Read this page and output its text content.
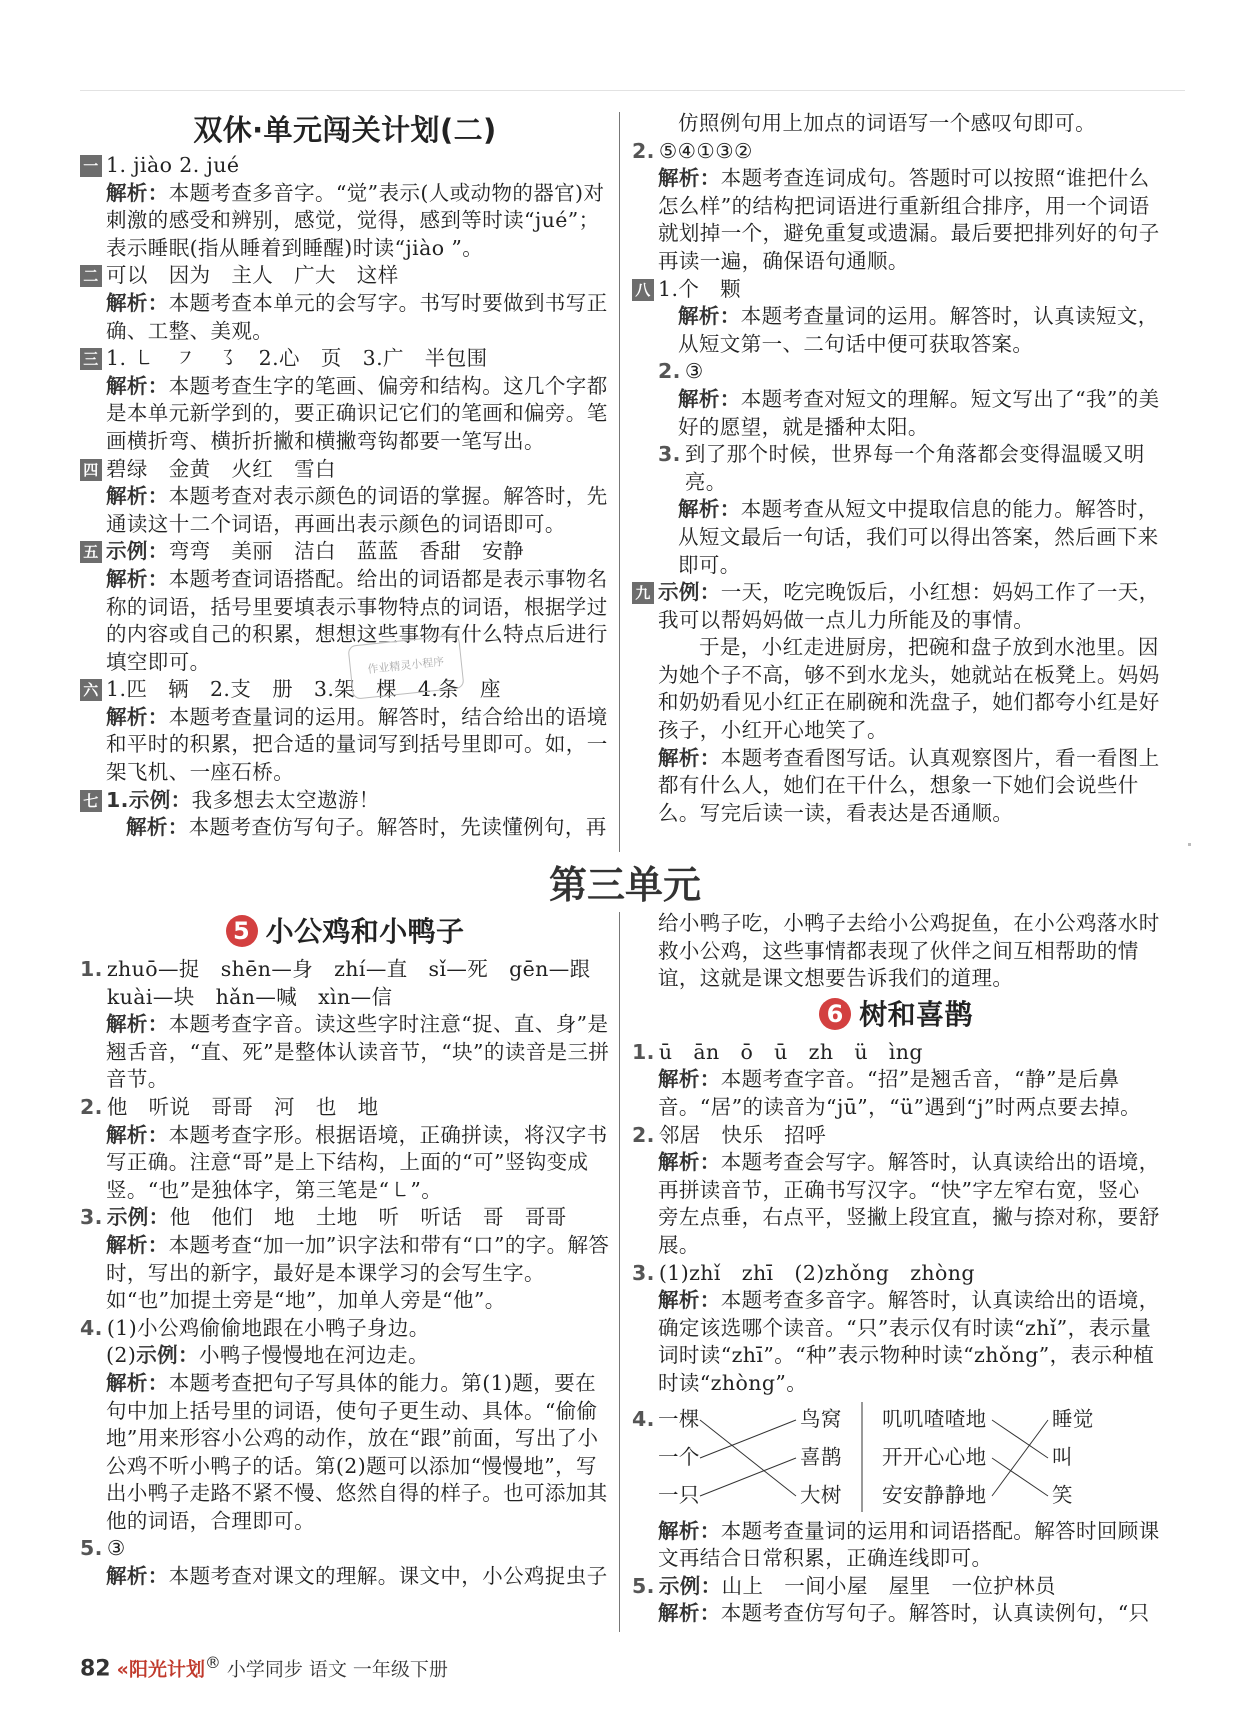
双休·单元闯关计划(二)
一 1. jiào 2. jué
解析：本题考查多音字。“觉”表示(人或动物的器官)对刺激的感受和辨别，感觉，觉得，感到等时读“jué”；表示睡眠(指从睡着到睡醒)时读“jiào ”。
二 可以　因为　主人　广大　这样
解析：本题考查本单元的会写字。书写时要做到书写正确、工整、美观。
三 1. ㇄　㇇　㇌　2.心　页　3.广　半包围
解析：本题考查生字的笔画、偏旁和结构。这几个字都是本单元新学到的，要正确识记它们的笔画和偏旁。笔画横折弯、横折折撇和横撇弯钩都要一笔写出。
四 碧绿　金黄　火红　雪白
解析：本题考查对表示颜色的词语的掌握。解答时，先通读这十二个词语，再画出表示颜色的词语即可。
五 示例：弯弯　美丽　洁白　蓝蓝　香甜　安静
解析：本题考查词语搭配。给出的词语都是表示事物名称的词语，括号里要填表示事物特点的词语，根据学过的内容或自己的积累，想想这些事物有什么特点后进行填空即可。
六 1.匹　辆　2.支　册　3.架　棵　4.条　座
解析：本题考查量词的运用。解答时，结合给出的语境和平时的积累，把合适的量词写到括号里即可。如，一架飞机、一座石桥。
七 1.示例：我多想去太空遨游！
解析：本题考查仿写句子。解答时，先读懂例句，再
仿照例句用上加点的词语写一个感叹句即可。
2. ⑤④①③②
解析：本题考查连词成句。答题时可以按照“谁把什么怎么样”的结构把词语进行重新组合排序，用一个词语就划掉一个，避免重复或遗漏。最后要把排列好的句子再读一遍，确保语句通顺。
八 1.个　颗
解析：本题考查量词的运用。解答时，认真读短文，从短文第一、二句话中便可获取答案。
2. ③
解析：本题考查对短文的理解。短文写出了“我”的美好的愿望，就是播种太阳。
3. 到了那个时候，世界每一个角落都会变得温暖又明亮。
解析：本题考查从短文中提取信息的能力。解答时，从短文最后一句话，我们可以得出答案，然后画下来即可。
九 示例：一天，吃完晚饭后，小红想：妈妈工作了一天，我可以帮妈妈做一点儿力所能及的事情。
于是，小红走进厨房，把碗和盘子放到水池里。因为她个子不高，够不到水龙头，她就站在板凳上。妈妈和奶奶看见小红正在刷碗和洗盘子，她们都夸小红是好孩子，小红开心地笑了。
解析：本题考查看图写话。认真观察图片，看一看图上都有什么人，她们在干什么，想象一下她们会说些什么。写完后读一读，看表达是否通顺。
作业精灵小程序
第三单元
5 小公鸡和小鸭子
1. zhuō—捉　shēn—身　zhí—直　sǐ—死　gēn—跟　kuài—块　hǎn—喊　xìn—信
解析：本题考查字音。读这些字时注意“捉、直、身”是翘舌音，“直、死”是整体认读音节，“块”的读音是三拼音节。
2. 他　听说　哥哥　河　也　地
解析：本题考查字形。根据语境，正确拼读，将汉字书写正确。注意“哥”是上下结构，上面的“可”竖钩变成竖。“也”是独体字，第三笔是“㇄”。
3. 示例：他　他们　地　土地　听　听话　哥　哥哥
解析：本题考查“加一加”识字法和带有“口”的字。解答时，写出的新字，最好是本课学习的会写生字。如“也”加提土旁是“地”，加单人旁是“他”。
4. (1)小公鸡偷偷地跟在小鸭子身边。
(2)示例：小鸭子慢慢地在河边走。
解析：本题考查把句子写具体的能力。第(1)题，要在句中加上括号里的词语，使句子更生动、具体。“偷偷地”用来形容小公鸡的动作，放在“跟”前面，写出了小公鸡不听小鸭子的话。第(2)题可以添加“慢慢地”，写出小鸭子走路不紧不慢、悠然自得的样子。也可添加其他的词语，合理即可。
5. ③
解析：本题考查对课文的理解。课文中，小公鸡捉虫子
给小鸭子吃，小鸭子去给小公鸡捉鱼，在小公鸡落水时救小公鸡，这些事情都表现了伙伴之间互相帮助的情谊，这就是课文想要告诉我们的道理。
6 树和喜鹊
1. ū　ān　ō　ū　zh　ü　ìng
解析：本题考查字音。“招”是翘舌音，“静”是后鼻音。“居”的读音为“jū”，“ü”遇到“j”时两点要去掉。
2. 邻居　快乐　招呼
解析：本题考查会写字。解答时，认真读给出的语境，再拼读音节，正确书写汉字。“快”字左窄右宽，竖心旁左点垂，右点平，竖撇上段宜直，撇与捺对称，要舒展。
3. (1)zhǐ　zhī　(2)zhǒng　zhòng
解析：本题考查多音字。解答时，认真读给出的语境，确定该选哪个读音。“只”表示仅有时读“zhǐ”，表示量词时读“zhī”。“种”表示物种时读“zhǒng”，表示种植时读“zhòng”。
4. 一棵
一个
一只
鸟窝
喜鹊
大树
叽叽喳喳地
开开心心地
安安静静地
睡觉
叫
笑
解析：本题考查量词的运用和词语搭配。解答时回顾课文再结合日常积累，正确连线即可。
5. 示例：山上　一间小屋　屋里　一位护林员
解析：本题考查仿写句子。解答时，认真读例句，“只
82 «阳光计划® 小学同步 语文 一年级下册
